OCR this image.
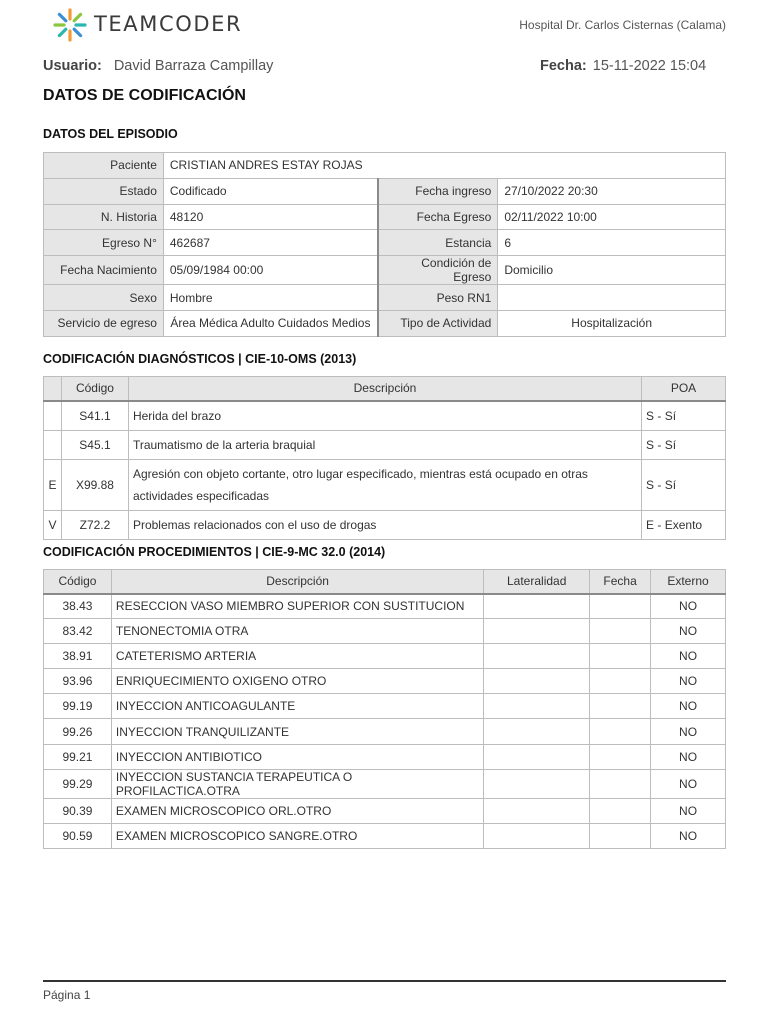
TEAMCODER	Hospital Dr. Carlos Cisternas (Calama)
Usuario: David Barraza Campillay	Fecha: 15-11-2022 15:04
DATOS DE CODIFICACIÓN
DATOS DEL EPISODIO
Paciente	CRISTIAN ANDRES ESTAY ROJAS		
Estado	Codificado	Fecha ingreso	27/10/2022 20:30
N. Historia	48120	Fecha Egreso	02/11/2022 10:00
Egreso N°	462687	Estancia	6
Fecha Nacimiento	05/09/1984 00:00	Condición de Egreso	Domicilio
Sexo	Hombre	Peso RN1	
Servicio de egreso	Área Médica Adulto Cuidados Medios	Tipo de Actividad	Hospitalización
CODIFICACIÓN DIAGNÓSTICOS | CIE-10-OMS (2013)
	Código	Descripción	POA
	S41.1	Herida del brazo	S - Sí
	S45.1	Traumatismo de la arteria braquial	S - Sí
E	X99.88	Agresión con objeto cortante, otro lugar especificado, mientras está ocupado en otras actividades especificadas	S - Sí
V	Z72.2	Problemas relacionados con el uso de drogas	E - Exento
CODIFICACIÓN PROCEDIMIENTOS | CIE-9-MC 32.0 (2014)
Código	Descripción	Lateralidad	Fecha	Externo
38.43	RESECCION VASO MIEMBRO SUPERIOR CON SUSTITUCION			NO
83.42	TENONECTOMIA OTRA			NO
38.91	CATETERISMO ARTERIA			NO
93.96	ENRIQUECIMIENTO OXIGENO OTRO			NO
99.19	INYECCION ANTICOAGULANTE			NO
99.26	INYECCION TRANQUILIZANTE			NO
99.21	INYECCION ANTIBIOTICO			NO
99.29	INYECCION SUSTANCIA TERAPEUTICA O PROFILACTICA.OTRA			NO
90.39	EXAMEN MICROSCOPICO ORL.OTRO			NO
90.59	EXAMEN MICROSCOPICO SANGRE.OTRO			NO
Página 1
